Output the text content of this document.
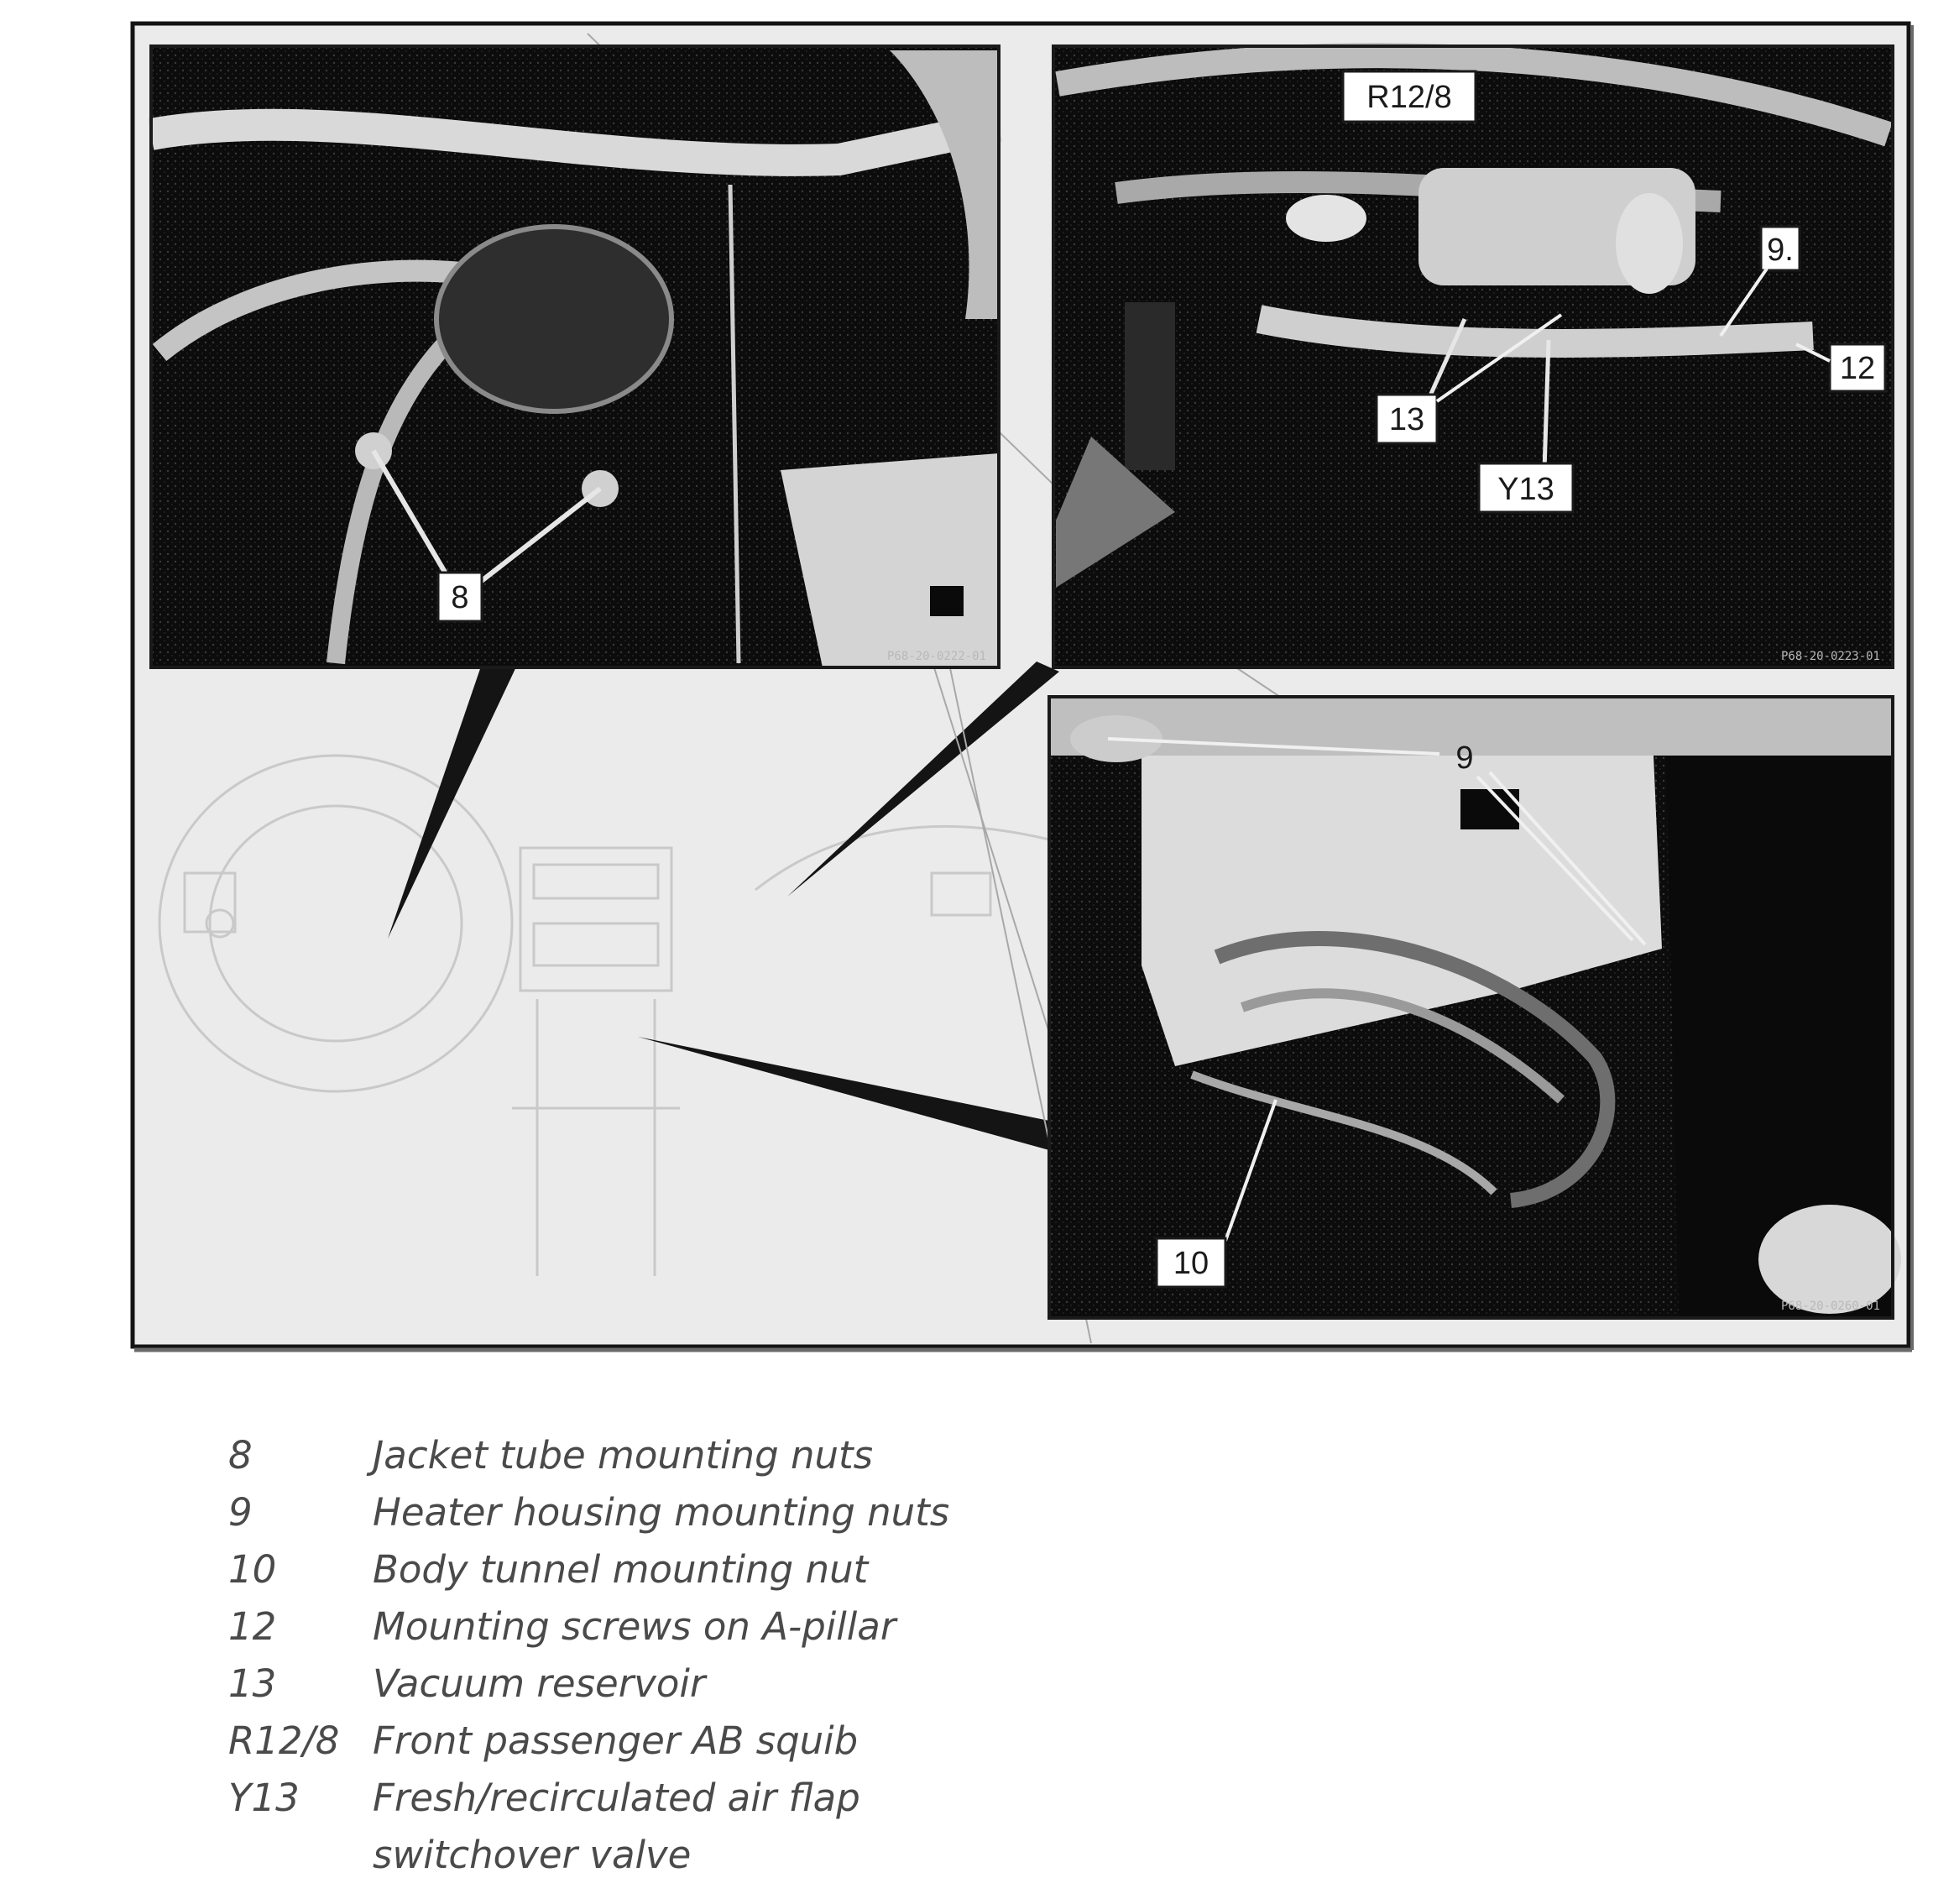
8
P68-20-0222-01
R12/8
9.
12
13
Y13
P68-20-0223-01
9
10
P68-20-0260-01
8	Jacket tube mounting nuts
9	Heater housing mounting nuts
10	Body tunnel mounting nut
12	Mounting screws on A-pillar
13	Vacuum reservoir
R12/8 Front passenger AB squib
Y13	Fresh/recirculated air flap
switchover valve
